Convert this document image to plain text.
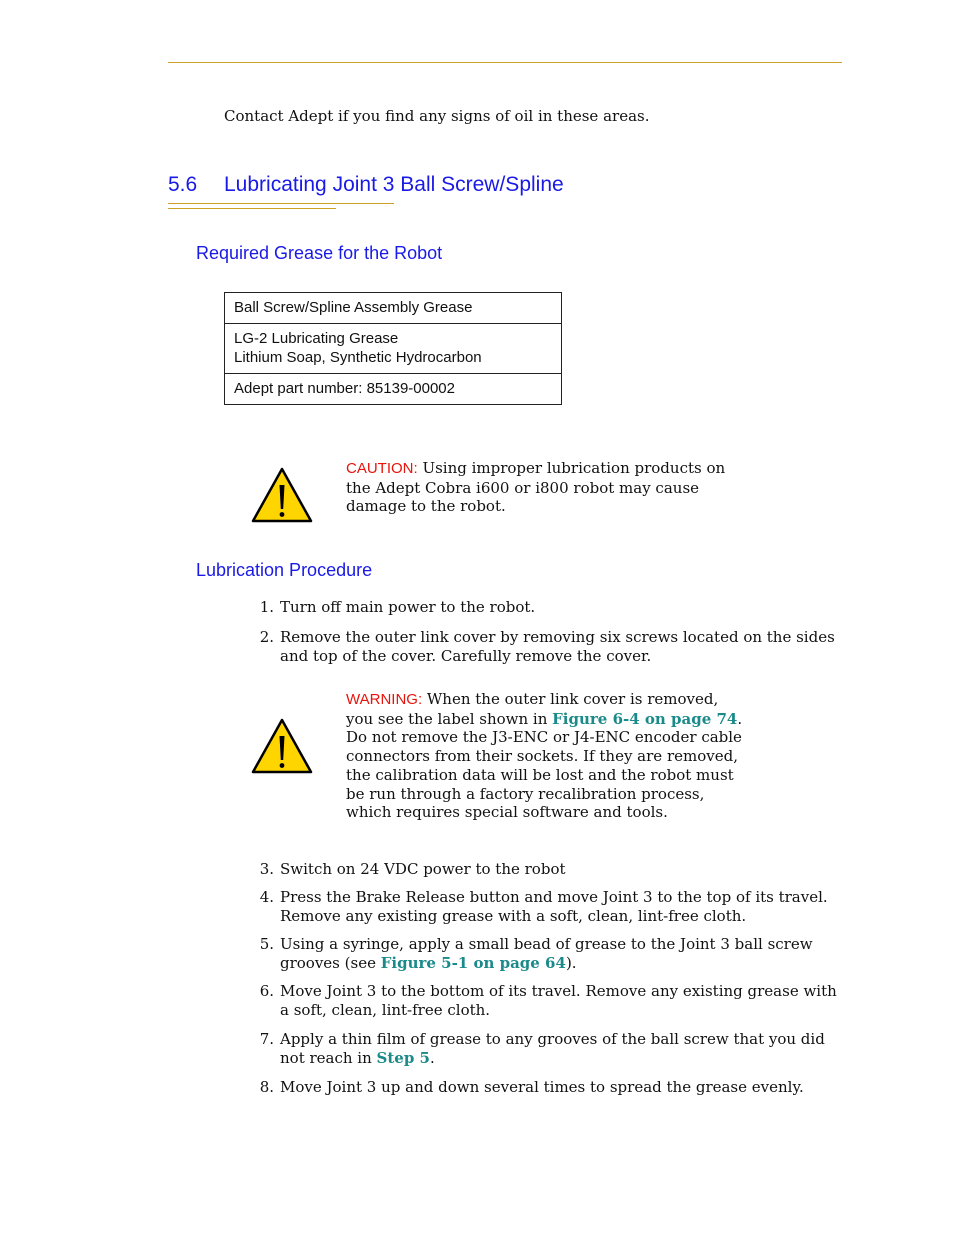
Contact Adept if you find any signs of oil in these areas.
5.6 Lubricating Joint 3 Ball Screw/Spline
Required Grease for the Robot
Ball Screw/Spline Assembly Grease
LG-2 Lubricating Grease
Lithium Soap, Synthetic Hydrocarbon
Adept part number: 85139-00002
CAUTION: Using improper lubrication products on the Adept Cobra i600 or i800 robot may cause damage to the robot.
Lubrication Procedure
1. Turn off main power to the robot.
2. Remove the outer link cover by removing six screws located on the sides and top of the cover. Carefully remove the cover.
WARNING: When the outer link cover is removed, you see the label shown in Figure 6-4 on page 74. Do not remove the J3-ENC or J4-ENC encoder cable connectors from their sockets. If they are removed, the calibration data will be lost and the robot must be run through a factory recalibration process, which requires special software and tools.
3. Switch on 24 VDC power to the robot
4. Press the Brake Release button and move Joint 3 to the top of its travel. Remove any existing grease with a soft, clean, lint-free cloth.
5. Using a syringe, apply a small bead of grease to the Joint 3 ball screw grooves (see Figure 5-1 on page 64).
6. Move Joint 3 to the bottom of its travel. Remove any existing grease with a soft, clean, lint-free cloth.
7. Apply a thin film of grease to any grooves of the ball screw that you did not reach in Step 5.
8. Move Joint 3 up and down several times to spread the grease evenly.
